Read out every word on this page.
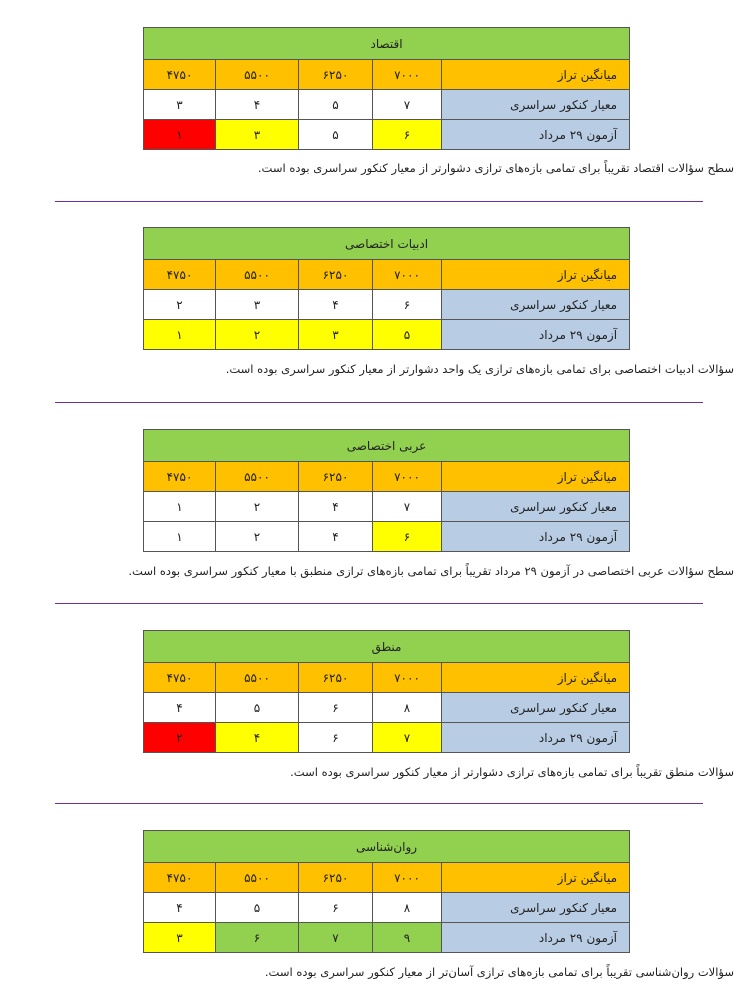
اقتصاد				
۴۷۵۰	۵۵۰۰	۶۲۵۰	۷۰۰۰	میانگین تراز
۳	۴	۵	۷	معیار کنکور سراسری
۱	۳	۵	۶	آزمون ۲۹ مرداد
سطح سؤالات اقتصاد تقریباً برای تمامی بازه‌های ترازی دشوارتر از معیار کنکور سراسری بوده است.
ادبیات اختصاصی				
۴۷۵۰	۵۵۰۰	۶۲۵۰	۷۰۰۰	میانگین تراز
۲	۳	۴	۶	معیار کنکور سراسری
۱	۲	۳	۵	آزمون ۲۹ مرداد
سؤالات ادبیات اختصاصی برای تمامی بازه‌های ترازی یک واحد دشوارتر از معیار کنکور سراسری بوده است.
عربی اختصاصی				
۴۷۵۰	۵۵۰۰	۶۲۵۰	۷۰۰۰	میانگین تراز
۱	۲	۴	۷	معیار کنکور سراسری
۱	۲	۴	۶	آزمون ۲۹ مرداد
سطح سؤالات عربی اختصاصی در آزمون ۲۹ مرداد تقریباً برای تمامی بازه‌های ترازی منطبق با معیار کنکور سراسری بوده است.
منطق				
۴۷۵۰	۵۵۰۰	۶۲۵۰	۷۰۰۰	میانگین تراز
۴	۵	۶	۸	معیار کنکور سراسری
۲	۴	۶	۷	آزمون ۲۹ مرداد
سؤالات منطق تقریباً برای تمامی بازه‌های ترازی دشوارتر از معیار کنکور سراسری بوده است.
روان‌شناسی				
۴۷۵۰	۵۵۰۰	۶۲۵۰	۷۰۰۰	میانگین تراز
۴	۵	۶	۸	معیار کنکور سراسری
۳	۶	۷	۹	آزمون ۲۹ مرداد
سؤالات روان‌شناسی تقریباً برای تمامی بازه‌های ترازی آسان‌تر از معیار کنکور سراسری بوده است.
